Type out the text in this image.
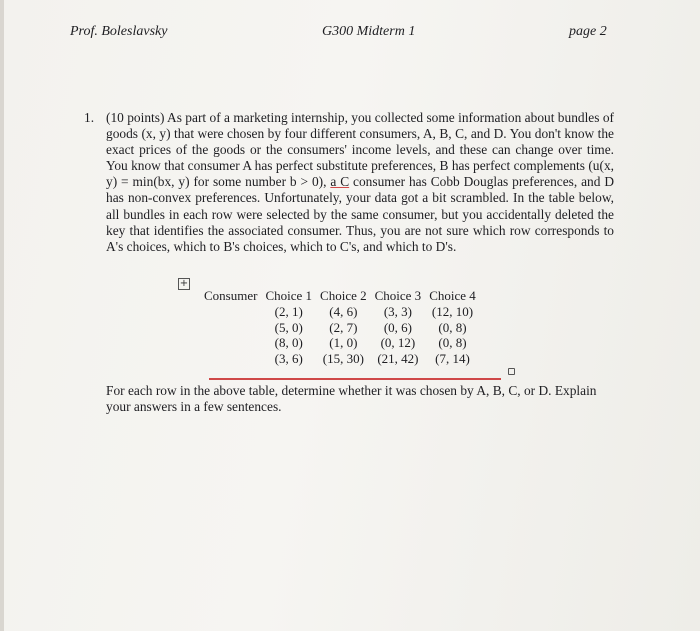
Prof. Boleslavsky	G300 Midterm 1	page 2
1. (10 points) As part of a marketing internship, you collected some information about bundles of goods (x, y) that were chosen by four different consumers, A, B, C, and D. You don't know the exact prices of the goods or the consumers' income levels, and these can change over time. You know that consumer A has perfect substitute preferences, B has perfect complements (u(x, y) = min(bx, y) for some number b > 0), a C consumer has Cobb Douglas preferences, and D has non-convex preferences. Unfortunately, your data got a bit scrambled. In the table below, all bundles in each row were selected by the same consumer, but you accidentally deleted the key that identifies the associated consumer. Thus, you are not sure which row corresponds to A's choices, which to B's choices, which to C's, and which to D's.
+
Consumer	Choice 1	Choice 2	Choice 3	Choice 4
	(2, 1)	(4, 6)	(3, 3)	(12, 10)
	(5, 0)	(2, 7)	(0, 6)	(0, 8)
	(8, 0)	(1, 0)	(0, 12)	(0, 8)
	(3, 6)	(15, 30)	(21, 42)	(7, 14)
For each row in the above table, determine whether it was chosen by A, B, C, or D. Explain your answers in a few sentences.
